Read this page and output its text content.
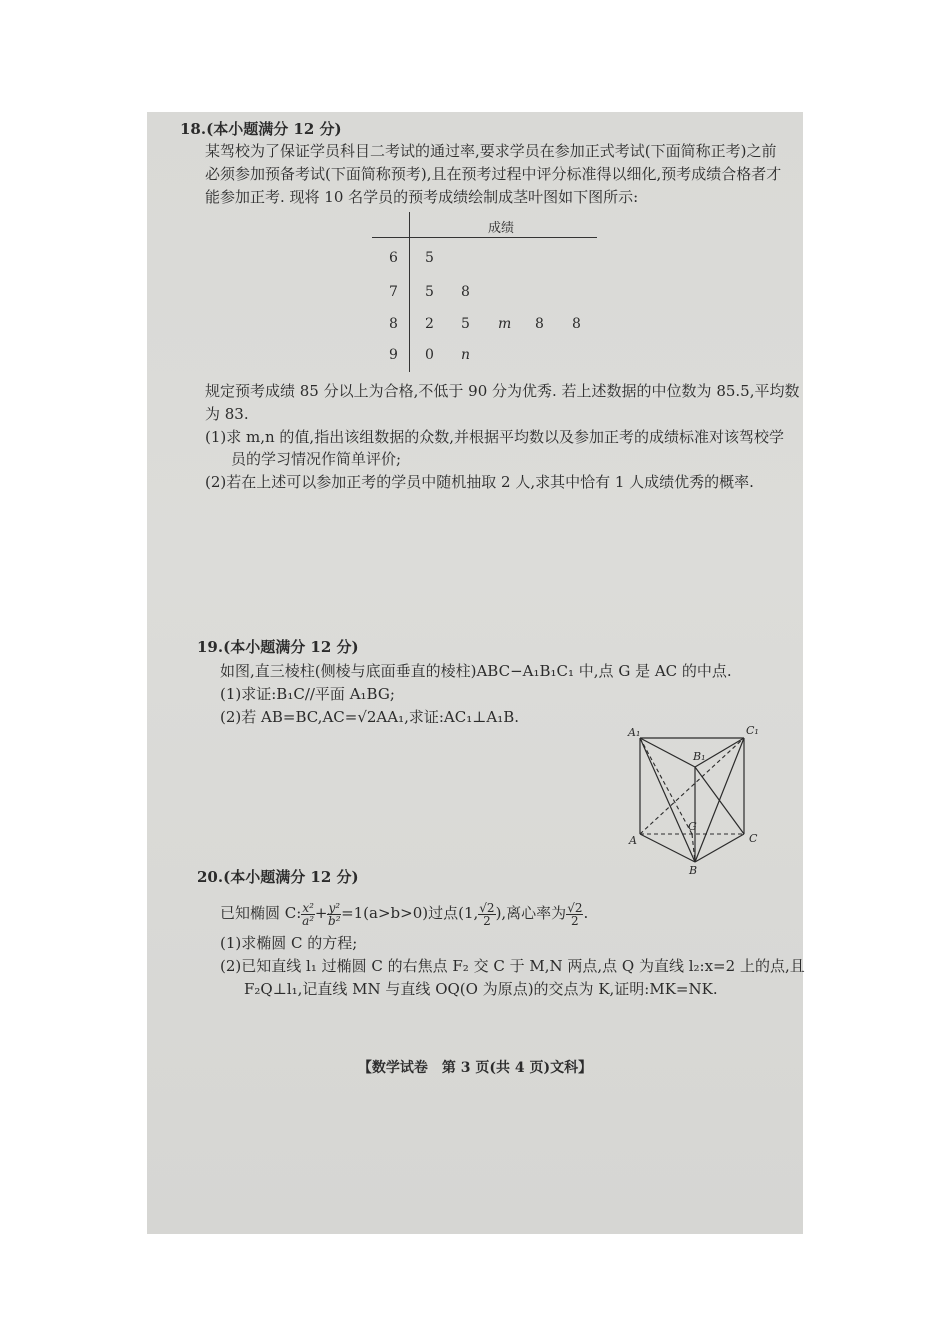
18.(本小题满分 12 分)
某驾校为了保证学员科目二考试的通过率,要求学员在参加正式考试(下面简称正考)之前
必须参加预备考试(下面简称预考),且在预考过程中评分标准得以细化,预考成绩合格者才
能参加正考. 现将 10 名学员的预考成绩绘制成茎叶图如下图所示:
成绩
6
7
8
9
5
5 8
2 5 m 8 8
0 n
规定预考成绩 85 分以上为合格,不低于 90 分为优秀. 若上述数据的中位数为 85.5,平均数
为 83.
(1)求 m,n 的值,指出该组数据的众数,并根据平均数以及参加正考的成绩标准对该驾校学
员的学习情况作简单评价;
(2)若在上述可以参加正考的学员中随机抽取 2 人,求其中恰有 1 人成绩优秀的概率.
19.(本小题满分 12 分)
如图,直三棱柱(侧棱与底面垂直的棱柱)ABC−A₁B₁C₁ 中,点 G 是 AC 的中点.
(1)求证:B₁C//平面 A₁BG;
(2)若 AB=BC,AC=√2AA₁,求证:AC₁⊥A₁B.
A₁	C₁
B₁
G
A	C
B
20.(本小题满分 12 分)
已知椭圆 C: $\frac{\text{x²}}{\text{a²}} + \frac{\text{y²}}{\text{b²}} =1(a>b>0)$过点(1, $\frac{√2}{2}$ ),离心率为 $\frac{√2}{2}$ .
(1)求椭圆 C 的方程;
(2)已知直线 l₁ 过椭圆 C 的右焦点 F₂ 交 C 于 M,N 两点,点 Q 为直线 l₂:x=2 上的点,且
F₂Q⊥l₁,记直线 MN 与直线 OQ(O 为原点)的交点为 K,证明:MK=NK.
【数学试卷　第 3 页(共 4 页)文科】
